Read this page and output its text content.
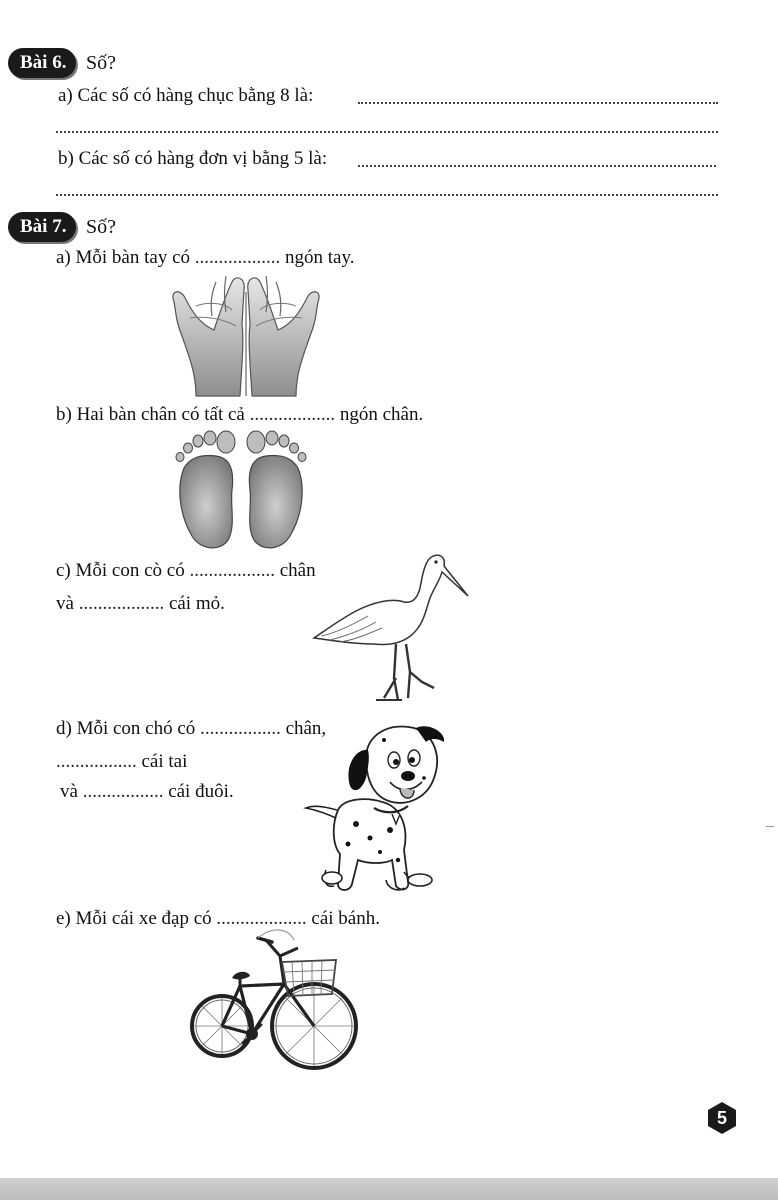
Bài 6. Số?
a) Các số có hàng chục bằng 8 là:
b) Các số có hàng đơn vị bằng 5 là:
Bài 7. Số?
a) Mỗi bàn tay có .................. ngón tay.
b) Hai bàn chân có tất cả .................. ngón chân.
c) Mỗi con cò có .................. chân
và .................. cái mỏ.
d) Mỗi con chó có ................. chân,
................. cái tai
và ................. cái đuôi.
e) Mỗi cái xe đạp có ................... cái bánh.
5
